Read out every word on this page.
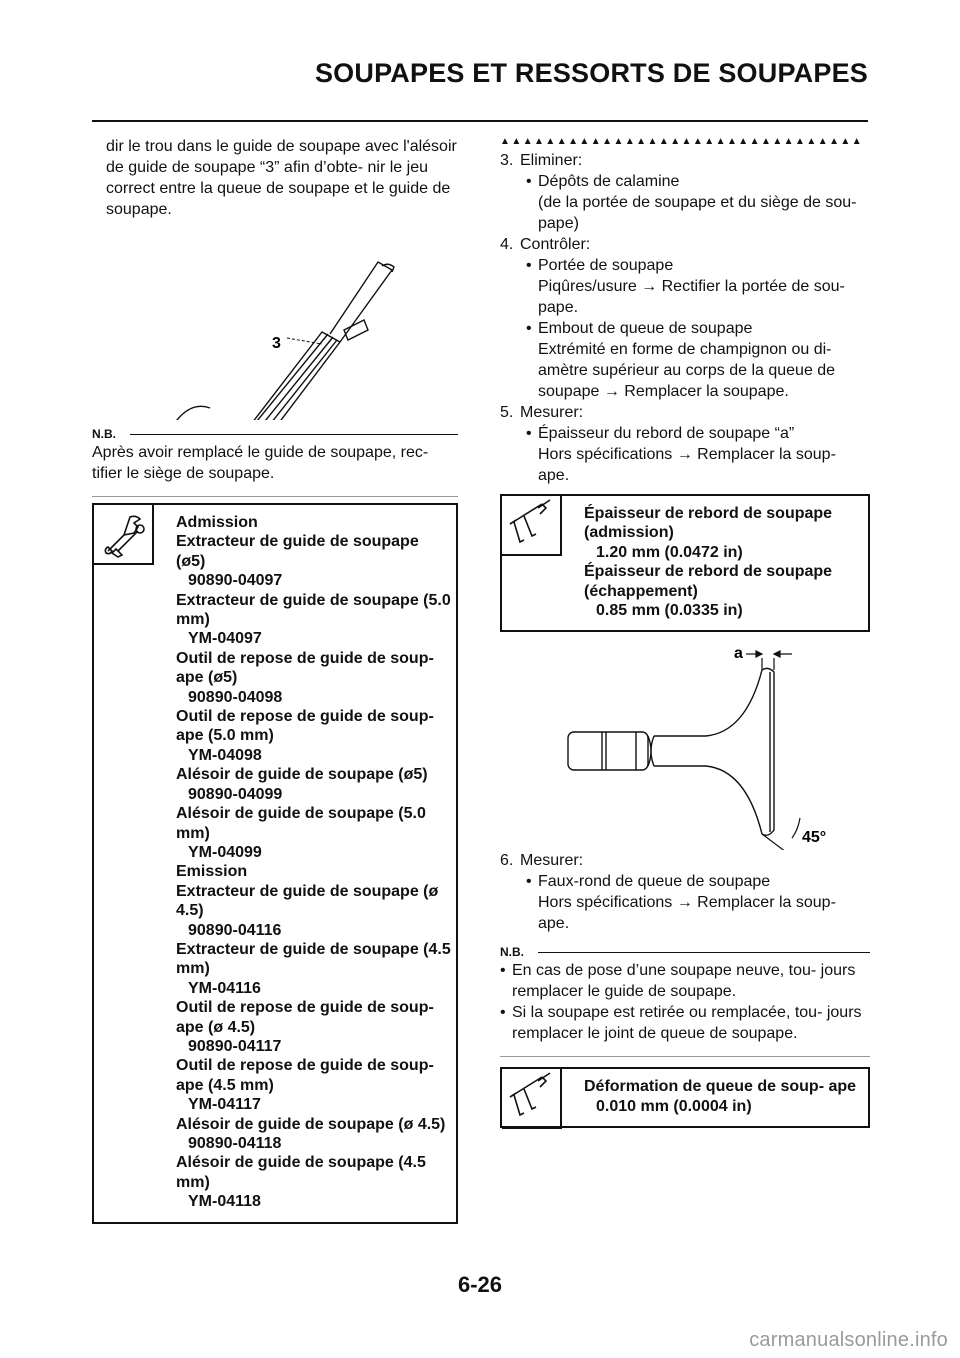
SOUPAPES ET RESSORTS DE SOUPAPES

dir le trou dans le guide de soupape avec l'alésoir de guide de soupape “3” afin d’obte- nir le jeu correct entre la queue de soupape et le guide de soupape.

3
N.B.

Après avoir remplacé le guide de soupape, rec- tifier le siège de soupape.

Admission
Extracteur de guide de soupape (ø5)
90890-04097
Extracteur de guide de soupape (5.0 mm)
YM-04097
Outil de repose de guide de soup- ape (ø5)
90890-04098
Outil de repose de guide de soup- ape (5.0 mm)
YM-04098
Alésoir de guide de soupape (ø5)
90890-04099
Alésoir de guide de soupape (5.0 mm)
YM-04099
Emission
Extracteur de guide de soupape (ø 4.5)
90890-04116
Extracteur de guide de soupape (4.5 mm)
YM-04116
Outil de repose de guide de soup- ape (ø 4.5)
90890-04117
Outil de repose de guide de soup- ape (4.5 mm)
YM-04117
Alésoir de guide de soupape (ø 4.5)
90890-04118
Alésoir de guide de soupape (4.5 mm)
YM-04118
▲▲▲▲▲▲▲▲▲▲▲▲▲▲▲▲▲▲▲▲▲▲▲▲▲▲▲▲▲▲▲▲
3. Eliminer:
• Dépôts de calamine
(de la portée de soupape et du siège de sou- pape)
4. Contrôler:
• Portée de soupape
Piqûres/usure → Rectifier la portée de sou- pape.
• Embout de queue de soupape
Extrémité en forme de champignon ou di- amètre supérieur au corps de la queue de soupape → Remplacer la soupape.
5. Mesurer:
• Épaisseur du rebord de soupape “a”
Hors spécifications → Remplacer la soup- ape.
Épaisseur de rebord de soupape (admission)
1.20 mm (0.0472 in)
Épaisseur de rebord de soupape (échappement)
0.85 mm (0.0335 in)
a
45°
6. Mesurer:
• Faux-rond de queue de soupape
Hors spécifications → Remplacer la soup- ape.
N.B.
• En cas de pose d’une soupape neuve, tou- jours remplacer le guide de soupape.
• Si la soupape est retirée ou remplacée, tou- jours remplacer le joint de queue de soupape.
Déformation de queue de soup- ape
0.010 mm (0.0004 in)
6-26
carmanualsonline.info
